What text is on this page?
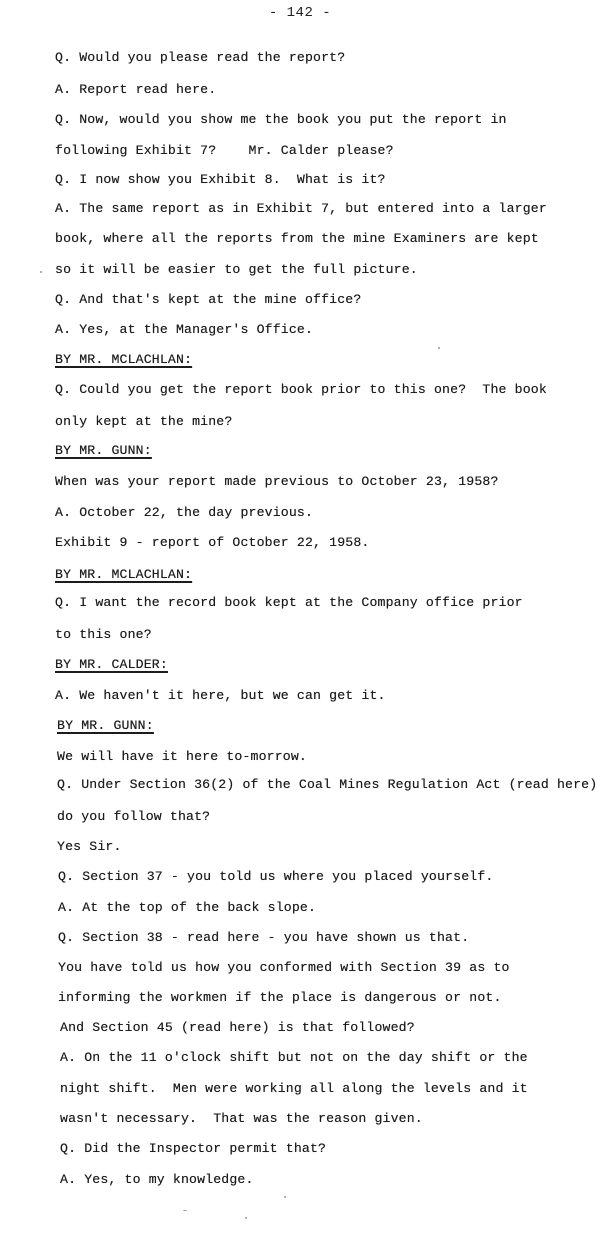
- 142 -
Q. Would you please read the report?
A. Report read here.
Q. Now, would you show me the book you put the report in
following Exhibit 7?    Mr. Calder please?
Q. I now show you Exhibit 8.  What is it?
A. The same report as in Exhibit 7, but entered into a larger
book, where all the reports from the mine Examiners are kept
so it will be easier to get the full picture.
Q. And that's kept at the mine office?
A. Yes, at the Manager's Office.
BY MR. MCLACHLAN:
Q. Could you get the report book prior to this one?  The book
only kept at the mine?
BY MR. GUNN:
When was your report made previous to October 23, 1958?
A. October 22, the day previous.
Exhibit 9 - report of October 22, 1958.
BY MR. MCLACHLAN:
Q. I want the record book kept at the Company office prior
to this one?
BY MR. CALDER:
A. We haven't it here, but we can get it.
BY MR. GUNN:
We will have it here to-morrow.
Q. Under Section 36(2) of the Coal Mines Regulation Act (read here)
do you follow that?
Yes Sir.
Q. Section 37 - you told us where you placed yourself.
A. At the top of the back slope.
Q. Section 38 - read here - you have shown us that.
You have told us how you conformed with Section 39 as to
informing the workmen if the place is dangerous or not.
And Section 45 (read here) is that followed?
A. On the 11 o'clock shift but not on the day shift or the
night shift.  Men were working all along the levels and it
wasn't necessary.  That was the reason given.
Q. Did the Inspector permit that?
A. Yes, to my knowledge.
